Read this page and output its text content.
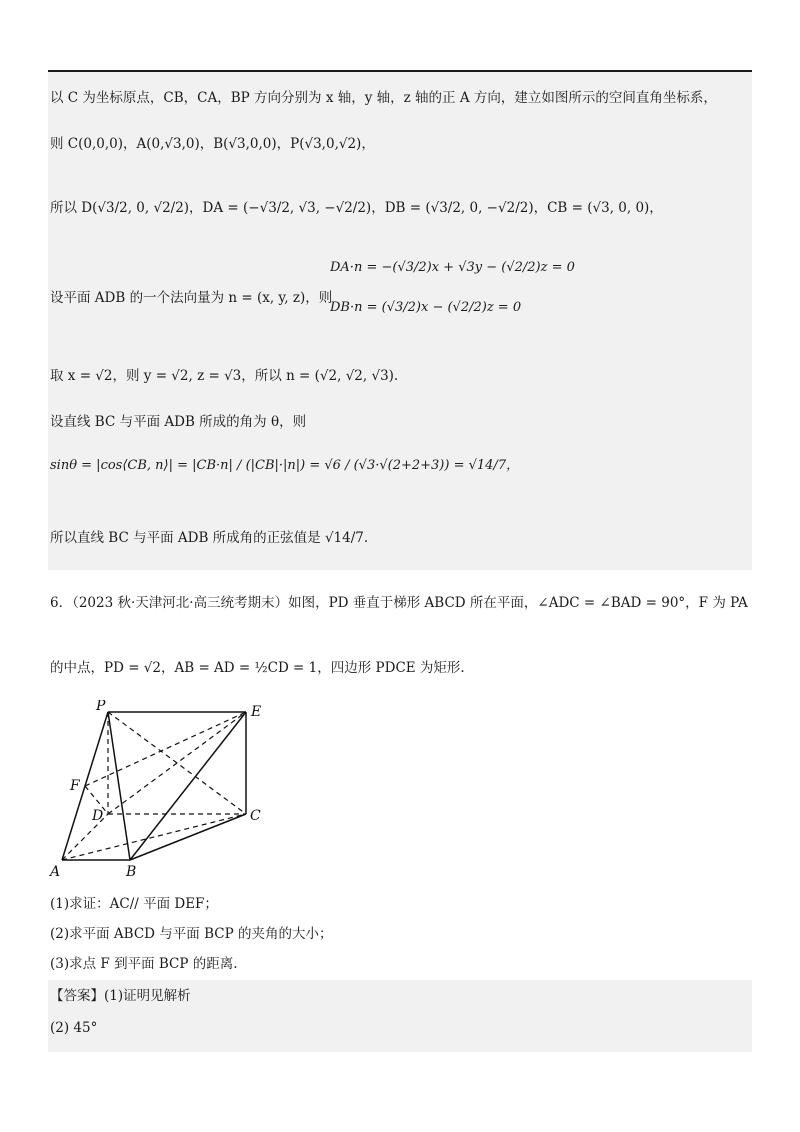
以 C 为坐标原点，CB，CA，BP 方向分别为 x 轴，y 轴，z 轴的正 A 方向，建立如图所示的空间直角坐标系，
则 C(0,0,0)，A(0,√3,0)，B(√3,0,0)，P(√3,0,√2)，
所以 D(√3/2, 0, √2/2)，DA = (−√3/2, √3, −√2/2)，DB = (√3/2, 0, −√2/2)，CB = (√3, 0, 0)，
设平面 ADB 的一个法向量为 n = (x, y, z)，则
DA·n = −(√3/2)x + √3y − (√2/2)z = 0
DB·n = (√3/2)x − (√2/2)z = 0
取 x = √2，则 y = √2, z = √3，所以 n = (√2, √2, √3).
设直线 BC 与平面 ADB 所成的角为 θ，则
sinθ = |cos⟨CB, n⟩| = |CB·n| / (|CB|·|n|) = √6 / (√3·√(2+2+3)) = √14/7，
所以直线 BC 与平面 ADB 所成角的正弦值是 √14/7.
6．（2023 秋·天津河北·高三统考期末）如图，PD 垂直于梯形 ABCD 所在平面，∠ADC = ∠BAD = 90°，F 为 PA
的中点，PD = √2，AB = AD = ½CD = 1，四边形 PDCE 为矩形.
P	E
F
D	C
A	B
(1)求证：AC// 平面 DEF；
(2)求平面 ABCD 与平面 BCP 的夹角的大小；
(3)求点 F 到平面 BCP 的距离.
【答案】(1)证明见解析
(2) 45°
